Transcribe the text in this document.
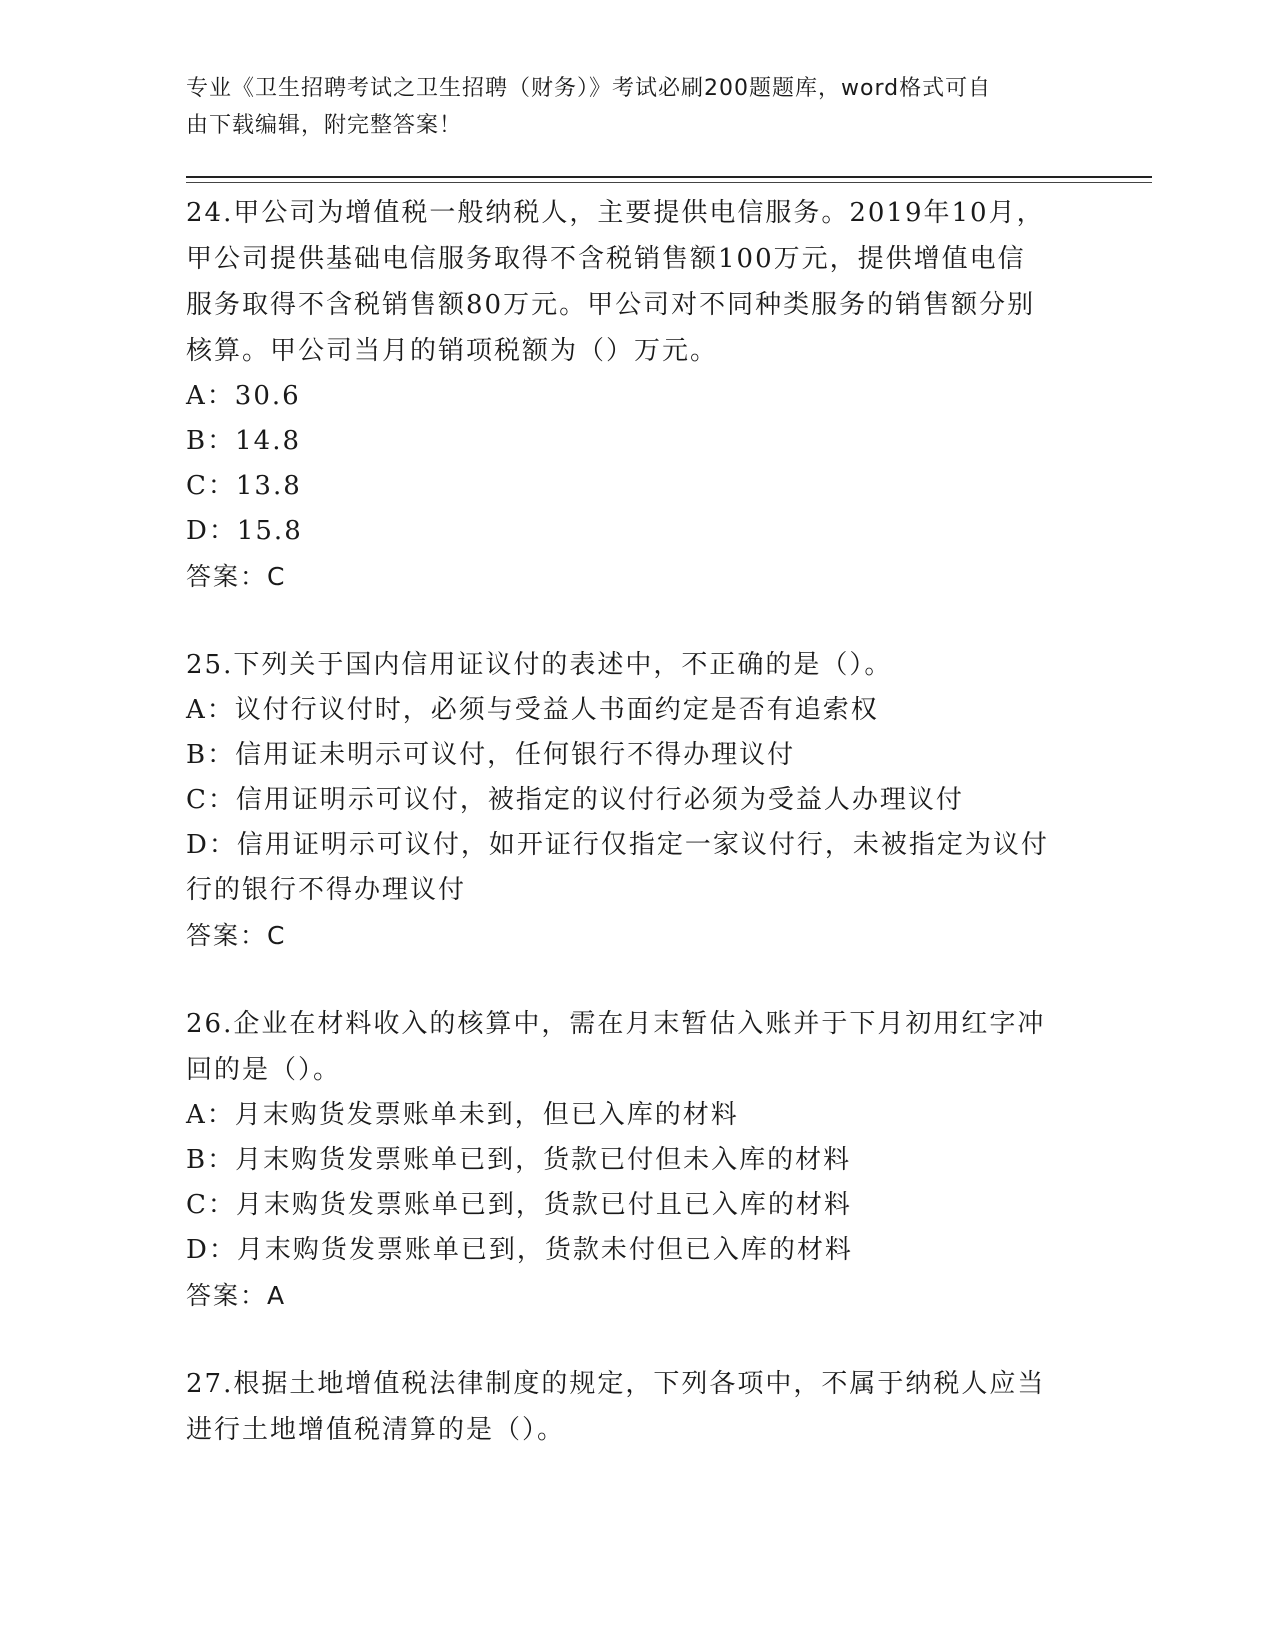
专业《卫生招聘考试之卫生招聘（财务）》考试必刷200题题库，word格式可自
由下载编辑，附完整答案！

24.甲公司为增值税一般纳税人，主要提供电信服务。2019年10月，

甲公司提供基础电信服务取得不含税销售额100万元，提供增值电信

服务取得不含税销售额80万元。甲公司对不同种类服务的销售额分别

核算。甲公司当月的销项税额为（）万元。

A：30.6

B：14.8

C：13.8

D：15.8

答案：C

25.下列关于国内信用证议付的表述中，不正确的是（）。

A：议付行议付时，必须与受益人书面约定是否有追索权

B：信用证未明示可议付，任何银行不得办理议付

C：信用证明示可议付，被指定的议付行必须为受益人办理议付

D：信用证明示可议付，如开证行仅指定一家议付行，未被指定为议付

行的银行不得办理议付

答案：C

26.企业在材料收入的核算中，需在月末暂估入账并于下月初用红字冲

回的是（）。

A：月末购货发票账单未到，但已入库的材料

B：月末购货发票账单已到，货款已付但未入库的材料

C：月末购货发票账单已到，货款已付且已入库的材料

D：月末购货发票账单已到，货款未付但已入库的材料

答案：A

27.根据土地增值税法律制度的规定，下列各项中，不属于纳税人应当

进行土地增值税清算的是（）。
